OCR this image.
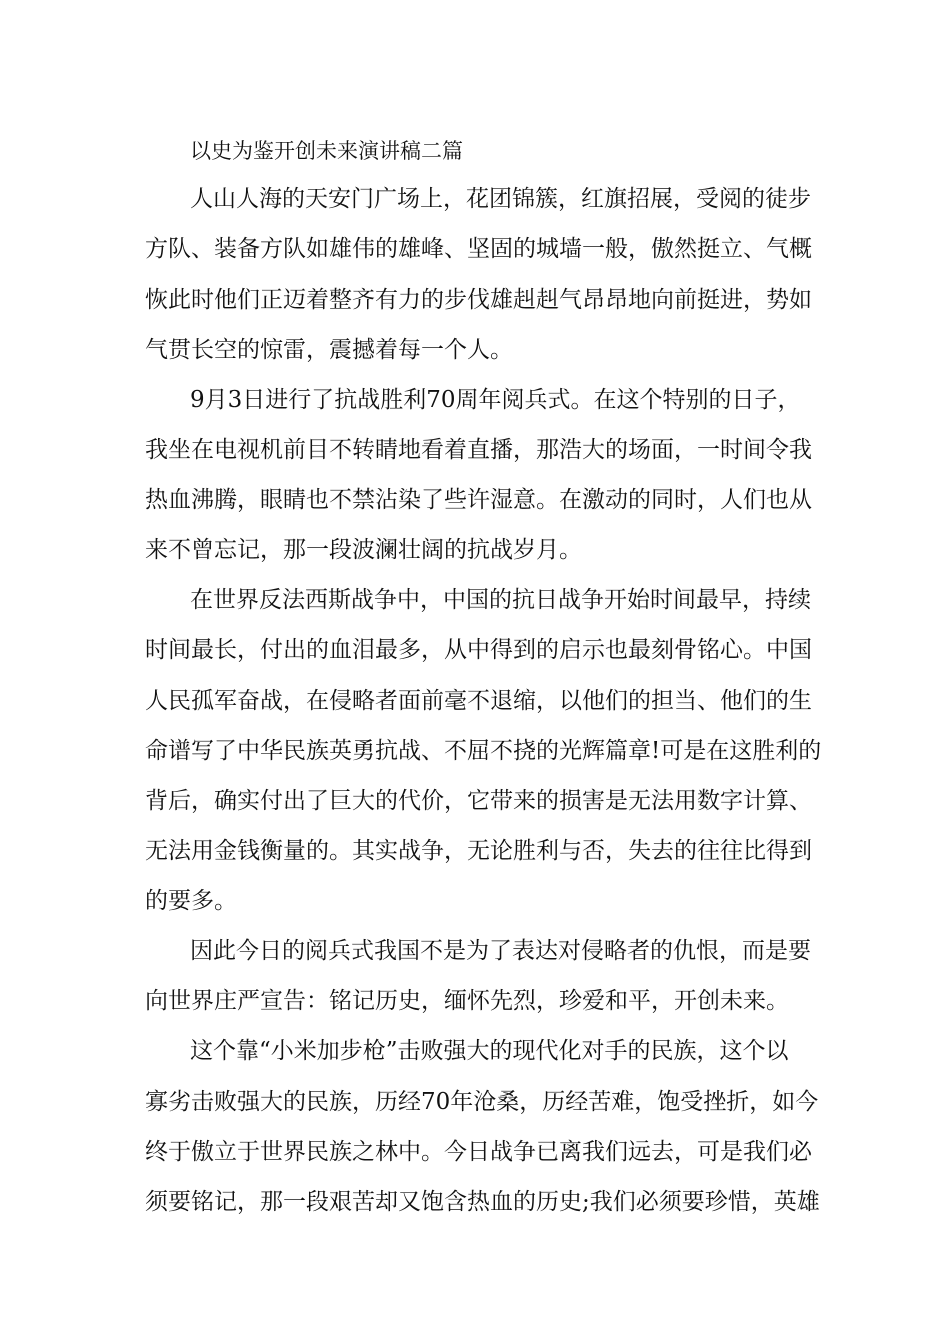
以史为鉴开创未来演讲稿二篇
人山人海的天安门广场上，花团锦簇，红旗招展，受阅的徒步
方队、装备方队如雄伟的雄峰、坚固的城墙一般，傲然挺立、气概
恢此时他们正迈着整齐有力的步伐雄赳赳气昂昂地向前挺进，势如
气贯长空的惊雷，震撼着每一个人。
9月3日进行了抗战胜利70周年阅兵式。在这个特别的日子，
我坐在电视机前目不转睛地看着直播，那浩大的场面，一时间令我
热血沸腾，眼睛也不禁沾染了些许湿意。在激动的同时，人们也从
来不曾忘记，那一段波澜壮阔的抗战岁月。
在世界反法西斯战争中，中国的抗日战争开始时间最早，持续
时间最长，付出的血泪最多，从中得到的启示也最刻骨铭心。中国
人民孤军奋战，在侵略者面前毫不退缩，以他们的担当、他们的生
命谱写了中华民族英勇抗战、不屈不挠的光辉篇章!可是在这胜利的
背后，确实付出了巨大的代价，它带来的损害是无法用数字计算、
无法用金钱衡量的。其实战争，无论胜利与否，失去的往往比得到
的要多。
因此今日的阅兵式我国不是为了表达对侵略者的仇恨，而是要
向世界庄严宣告：铭记历史，缅怀先烈，珍爱和平，开创未来。
这个靠“小米加步枪”击败强大的现代化对手的民族，这个以
寡劣击败强大的民族，历经70年沧桑，历经苦难，饱受挫折，如今
终于傲立于世界民族之林中。今日战争已离我们远去，可是我们必
须要铭记，那一段艰苦却又饱含热血的历史;我们必须要珍惜，英雄
